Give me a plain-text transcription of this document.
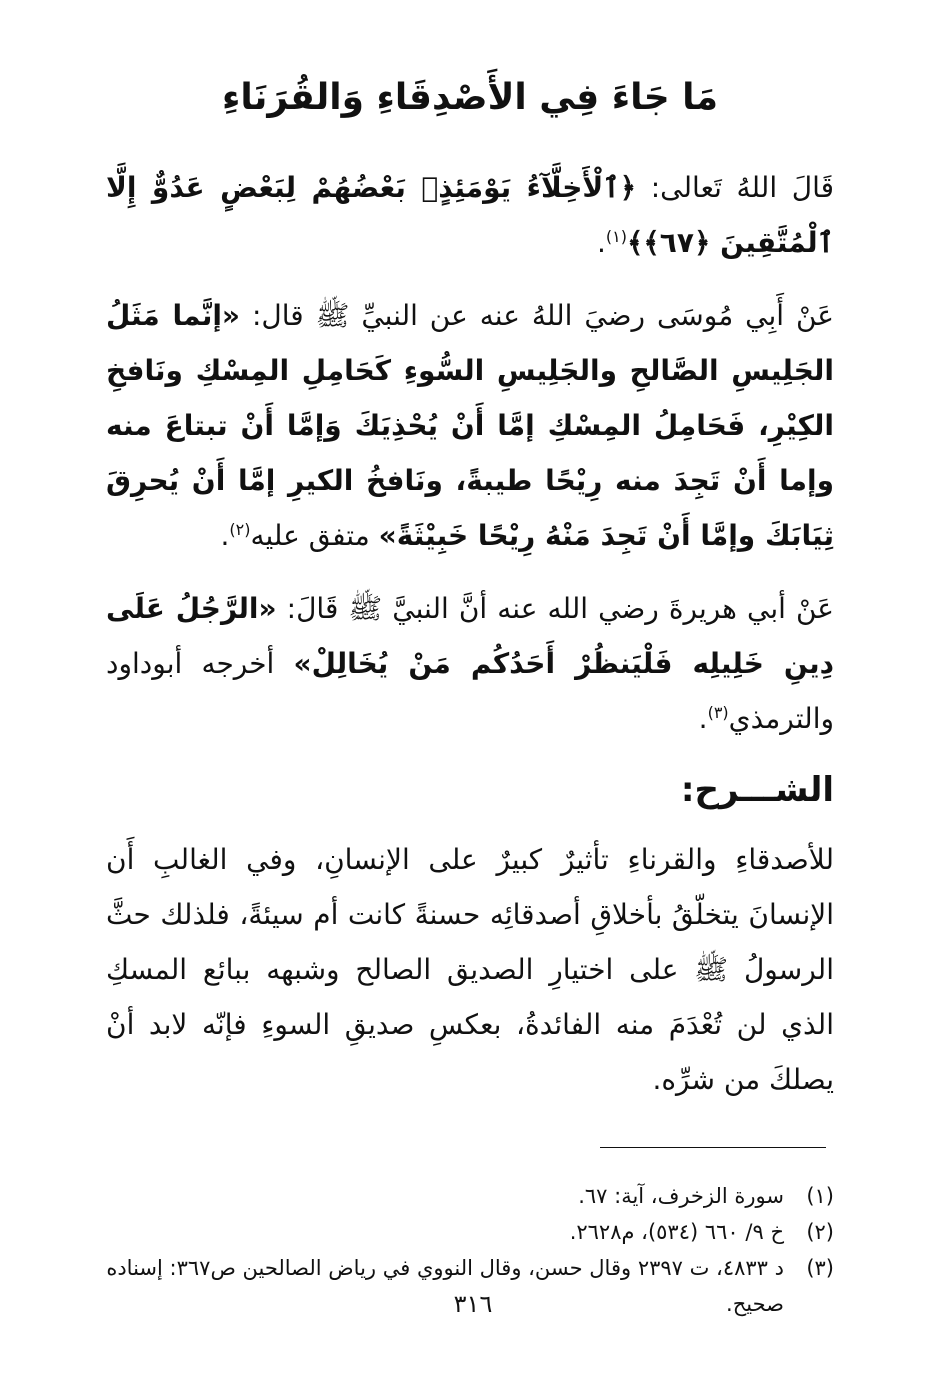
مَا جَاءَ فِي الأَصْدِقَاءِ وَالقُرَنَاءِ

قَالَ اللهُ تَعالى: ﴿ٱلْأَخِلَّآءُ يَوْمَئِذٍۭ بَعْضُهُمْ لِبَعْضٍ عَدُوٌّ إِلَّا ٱلْمُتَّقِينَ ﴿٦٧﴾﴾$^{(١)}$.

عَنْ أَبِي مُوسَى رضيَ اللهُ عنه عن النبيِّ ﷺ قال: «إنَّما مَثَلُ الجَلِيسِ الصَّالحِ والجَلِيسِ السُّوءِ كَحَامِلِ المِسْكِ ونَافخِ الكِيْرِ، فَحَامِلُ المِسْكِ إمَّا أَنْ يُحْذِيَكَ وَإمَّا أَنْ تبتاعَ منه وإما أَنْ تَجِدَ منه رِيْحًا طيبةً، ونَافخُ الكيرِ إمَّا أَنْ يُحرِقَ ثِيَابَكَ وإمَّا أَنْ تَجِدَ مَنْهُ رِيْحًا خَبِيْثَةً» متفق عليه$^{(٢)}$.

عَنْ أبي هريرةَ رضي الله عنه أنَّ النبيَّ ﷺ قَالَ: «الرَّجُلُ عَلَى دِينِ خَلِيلِه فَلْيَنظُرْ أَحَدُكُم مَنْ يُخَالِلْ» أخرجه أبوداود والترمذي$^{(٣)}$.

الشـــرح:

للأصدقاءِ والقرناءِ تأثيرٌ كبيرٌ على الإنسانِ، وفي الغالبِ أَن الإنسانَ يتخلّقُ بأخلاقِ أصدقائِه حسنةً كانت أم سيئةً، فلذلك حثَّ الرسولُ ﷺ على اختيارِ الصديق الصالح وشبهه ببائع المسكِ الذي لن تُعْدَمَ منه الفائدةُ، بعكسِ صديقِ السوءِ فإنّه لابد أنْ يصلكَ من شرِّه.

(١)
سورة الزخرف، آية: ٦٧.
(٢)
خ ٩/ ٦٦٠ (٥٣٤)، م٢٦٢٨.
(٣)
د ٤٨٣٣، ت ٢٣٩٧ وقال حسن، وقال النووي في رياض الصالحين ص٣٦٧: إسناده صحيح.
٣١٦
